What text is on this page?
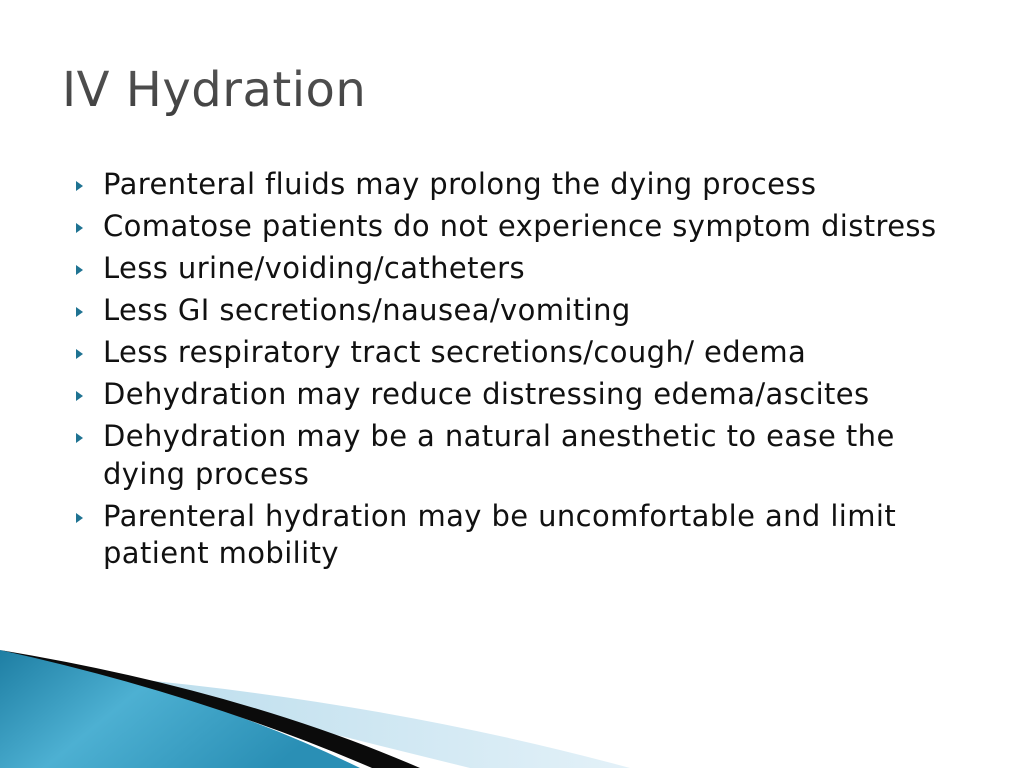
IV Hydration
Parenteral fluids may prolong the dying process
Comatose patients do not experience symptom distress
Less urine/voiding/catheters
Less GI secretions/nausea/vomiting
Less respiratory tract secretions/cough/ edema
Dehydration may reduce distressing edema/ascites
Dehydration may be a natural anesthetic to ease the dying process
Parenteral hydration may be uncomfortable and limit patient mobility
